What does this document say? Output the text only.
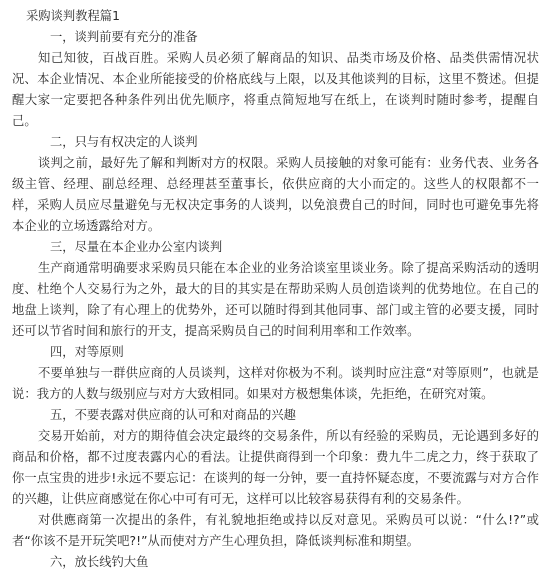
采购谈判教程篇1

一，谈判前要有充分的准备

知己知彼，百战百胜。采购人员必须了解商品的知识、品类市场及价格、品类供需情况状况、本企业情况、本企业所能接受的价格底线与上限，以及其他谈判的目标，这里不赘述。但提醒大家一定要把各种条件列出优先顺序，将重点简短地写在纸上，在谈判时随时参考，提醒自己。

二，只与有权决定的人谈判

谈判之前，最好先了解和判断对方的权限。采购人员接触的对象可能有：业务代表、业务各级主管、经理、副总经理、总经理甚至董事长，依供应商的大小而定的。这些人的权限都不一样，采购人员应尽量避免与无权决定事务的人谈判，以免浪费自己的时间，同时也可避免事先将本企业的立场透露给对方。

三，尽量在本企业办公室内谈判

生产商通常明确要求采购员只能在本企业的业务洽谈室里谈业务。除了提高采购活动的透明度、杜绝个人交易行为之外，最大的目的其实是在帮助采购人员创造谈判的优势地位。在自己的地盘上谈判，除了有心理上的优势外，还可以随时得到其他同事、部门或主管的必要支援，同时还可以节省时间和旅行的开支，提高采购员自己的时间利用率和工作效率。

四，对等原则

不要单独与一群供应商的人员谈判，这样对你极为不利。谈判时应注意“对等原则”，也就是说：我方的人数与级别应与对方大致相同。如果对方极想集体谈，先拒绝，在研究对策。

五，不要表露对供应商的认可和对商品的兴趣

交易开始前，对方的期待值会决定最终的交易条件，所以有经验的采购员，无论遇到多好的商品和价格，都不过度表露内心的看法。让提供商得到一个印象：费九牛二虎之力，终于获取了你一点宝贵的进步!永远不要忘记：在谈判的每一分钟，要一直持怀疑态度，不要流露与对方合作的兴趣，让供应商感觉在你心中可有可无，这样可以比较容易获得有利的交易条件。

对供應商第一次提出的条件，有礼貌地拒绝或持以反对意见。采购员可以说：“什么!?”或者“你该不是开玩笑吧?!”从而使对方产生心理负担，降低谈判标准和期望。

六，放长线钓大鱼
